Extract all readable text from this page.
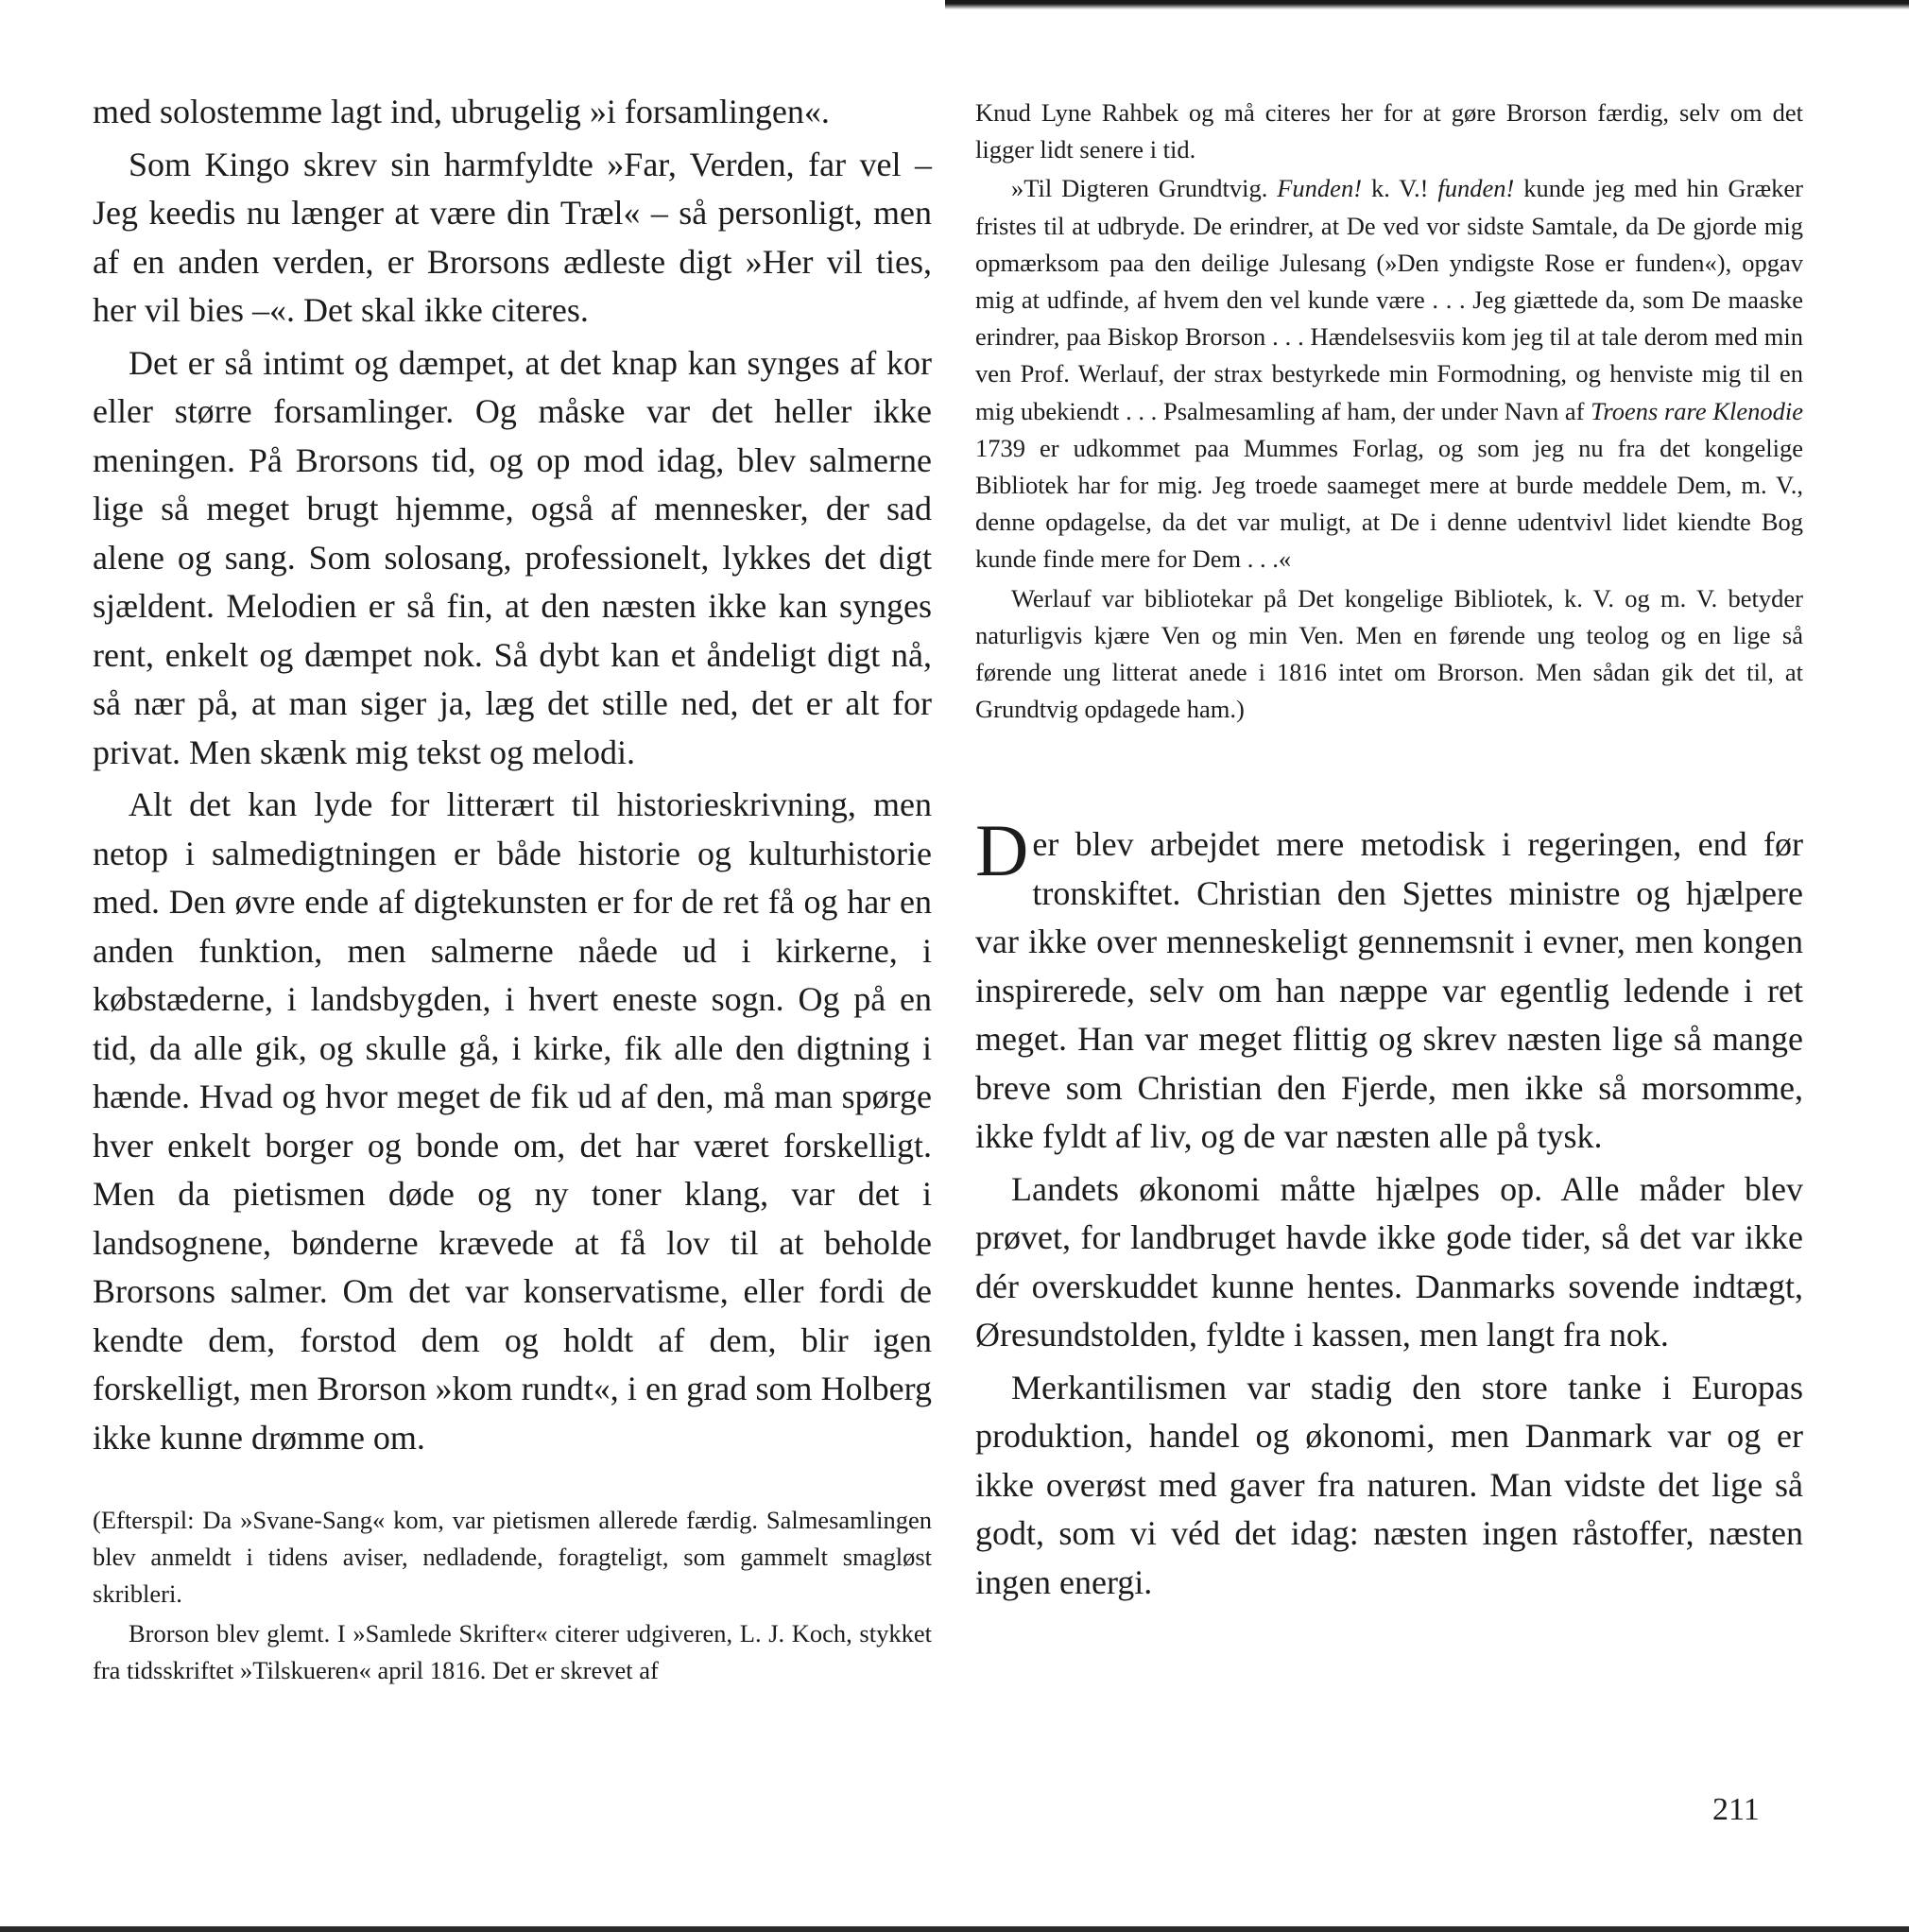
med solostemme lagt ind, ubrugelig »i forsamlingen«.

Som Kingo skrev sin harmfyldte »Far, Verden, far vel – Jeg keedis nu længer at være din Træl« – så personligt, men af en anden verden, er Brorsons ædleste digt »Her vil ties, her vil bies –«. Det skal ikke citeres.

Det er så intimt og dæmpet, at det knap kan synges af kor eller større forsamlinger. Og måske var det heller ikke meningen. På Brorsons tid, og op mod idag, blev salmerne lige så meget brugt hjemme, også af mennesker, der sad alene og sang. Som solosang, professionelt, lykkes det digt sjældent. Melodien er så fin, at den næsten ikke kan synges rent, enkelt og dæmpet nok. Så dybt kan et åndeligt digt nå, så nær på, at man siger ja, læg det stille ned, det er alt for privat. Men skænk mig tekst og melodi.

Alt det kan lyde for litterært til historieskrivning, men netop i salmedigtningen er både historie og kulturhistorie med. Den øvre ende af digtekunsten er for de ret få og har en anden funktion, men salmerne nåede ud i kirkerne, i købstæderne, i landsbygden, i hvert eneste sogn. Og på en tid, da alle gik, og skulle gå, i kirke, fik alle den digtning i hænde. Hvad og hvor meget de fik ud af den, må man spørge hver enkelt borger og bonde om, det har været forskelligt. Men da pietismen døde og ny toner klang, var det i landsognene, bønderne krævede at få lov til at beholde Brorsons salmer. Om det var konservatisme, eller fordi de kendte dem, forstod dem og holdt af dem, blir igen forskelligt, men Brorson »kom rundt«, i en grad som Holberg ikke kunne drømme om.

(Efterspil: Da »Svane-Sang« kom, var pietismen allerede færdig. Salmesamlingen blev anmeldt i tidens aviser, nedladende, foragteligt, som gammelt smagløst skribleri.

Brorson blev glemt. I »Samlede Skrifter« citerer udgiveren, L. J. Koch, stykket fra tidsskriftet »Tilskueren« april 1816. Det er skrevet af

Knud Lyne Rahbek og må citeres her for at gøre Brorson færdig, selv om det ligger lidt senere i tid.

»Til Digteren Grundtvig. Funden! k. V.! funden! kunde jeg med hin Græker fristes til at udbryde. De erindrer, at De ved vor sidste Samtale, da De gjorde mig opmærksom paa den deilige Julesang (»Den yndigste Rose er funden«), opgav mig at udfinde, af hvem den vel kunde være . . . Jeg giættede da, som De maaske erindrer, paa Biskop Brorson . . . Hændelsesviis kom jeg til at tale derom med min ven Prof. Werlauf, der strax bestyrkede min Formodning, og henviste mig til en mig ubekiendt . . . Psalmesamling af ham, der under Navn af Troens rare Klenodie 1739 er udkommet paa Mummes Forlag, og som jeg nu fra det kongelige Bibliotek har for mig. Jeg troede saameget mere at burde meddele Dem, m. V., denne opdagelse, da det var muligt, at De i denne udentvivl lidet kiendte Bog kunde finde mere for Dem . . .«

Werlauf var bibliotekar på Det kongelige Bibliotek, k. V. og m. V. betyder naturligvis kjære Ven og min Ven. Men en førende ung teolog og en lige så førende ung litterat anede i 1816 intet om Brorson. Men sådan gik det til, at Grundtvig opdagede ham.)

Der blev arbejdet mere metodisk i regeringen, end før tronskiftet. Christian den Sjettes ministre og hjælpere var ikke over menneskeligt gennemsnit i evner, men kongen inspirerede, selv om han næppe var egentlig ledende i ret meget. Han var meget flittig og skrev næsten lige så mange breve som Christian den Fjerde, men ikke så morsomme, ikke fyldt af liv, og de var næsten alle på tysk.

Landets økonomi måtte hjælpes op. Alle måder blev prøvet, for landbruget havde ikke gode tider, så det var ikke dér overskuddet kunne hentes. Danmarks sovende indtægt, Øresundstolden, fyldte i kassen, men langt fra nok.

Merkantilismen var stadig den store tanke i Europas produktion, handel og økonomi, men Danmark var og er ikke overøst med gaver fra naturen. Man vidste det lige så godt, som vi véd det idag: næsten ingen råstoffer, næsten ingen energi.

211
